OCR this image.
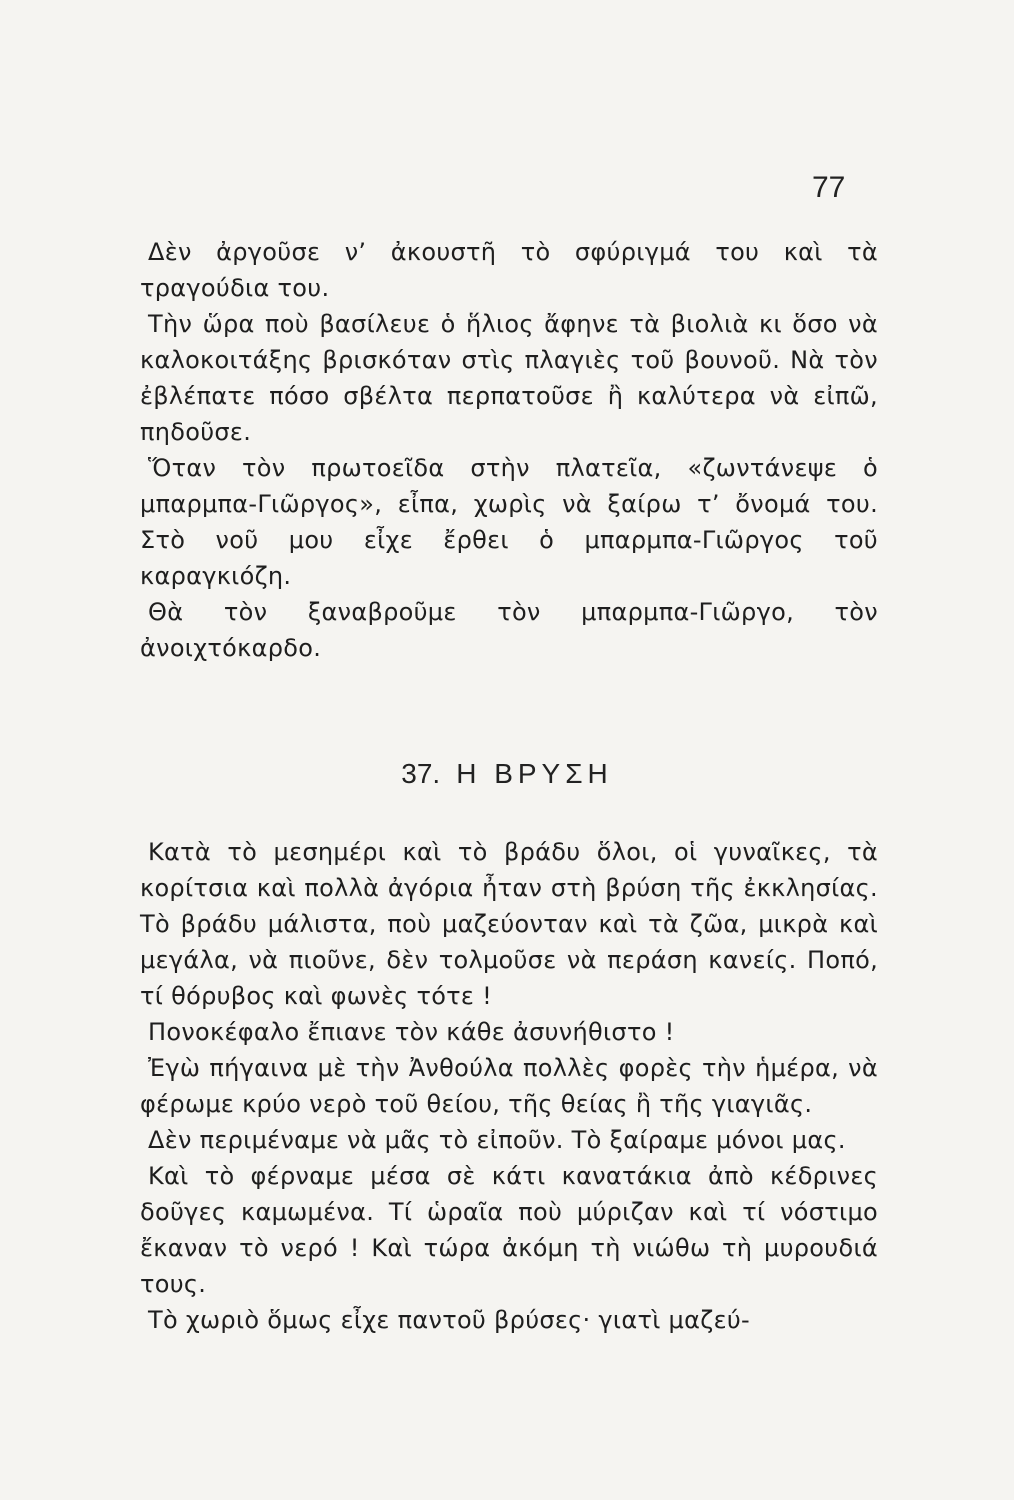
77

Δὲν ἀργοῦσε ν’ ἀκουστῆ τὸ σφύριγμά του καὶ τὰ τραγούδια του.

Τὴν ὥρα ποὺ βασίλευε ὁ ἥλιος ἄφηνε τὰ βιολιὰ κι ὅσο νὰ καλοκοιτάξης βρισκόταν στὶς πλαγιὲς τοῦ βουνοῦ. Νὰ τὸν ἐβλέπατε πόσο σβέλτα περπατοῦσε ἢ καλύτερα νὰ εἰπῶ, πηδοῦσε.

Ὅταν τὸν πρωτοεῖδα στὴν πλατεῖα, «ζωντάνεψε ὁ μπαρμπα-Γιῶργος», εἶπα, χωρὶς νὰ ξαίρω τ’ ὄνομά του. Στὸ νοῦ μου εἶχε ἔρθει ὁ μπαρμπα-Γιῶργος τοῦ καραγκιόζη.

Θὰ τὸν ξαναβροῦμε τὸν μπαρμπα-Γιῶργο, τὸν ἀνοιχτόκαρδο.

37. Η ΒΡΥΣΗ

Κατὰ τὸ μεσημέρι καὶ τὸ βράδυ ὅλοι, οἱ γυναῖκες, τὰ κορίτσια καὶ πολλὰ ἀγόρια ἦταν στὴ βρύση τῆς ἐκκλησίας. Τὸ βράδυ μάλιστα, ποὺ μαζεύονταν καὶ τὰ ζῶα, μικρὰ καὶ μεγάλα, νὰ πιοῦνε, δὲν τολμοῦσε νὰ περάση κανείς. Ποπό, τί θόρυβος καὶ φωνὲς τότε !

Πονοκέφαλο ἔπιανε τὸν κάθε ἀσυνήθιστο !

Ἐγὼ πήγαινα μὲ τὴν Ἀνθούλα πολλὲς φορὲς τὴν ἡμέρα, νὰ φέρωμε κρύο νερὸ τοῦ θείου, τῆς θείας ἢ τῆς γιαγιᾶς.

Δὲν περιμέναμε νὰ μᾶς τὸ εἰποῦν. Τὸ ξαίραμε μόνοι μας.

Καὶ τὸ φέρναμε μέσα σὲ κάτι κανατάκια ἀπὸ κέδρινες δοῦγες καμωμένα. Τί ὡραῖα ποὺ μύριζαν καὶ τί νόστιμο ἔκαναν τὸ νερό ! Καὶ τώρα ἀκόμη τὴ νιώθω τὴ μυρουδιά τους.

Τὸ χωριὸ ὅμως εἶχε παντοῦ βρύσες· γιατὶ μαζεύ-
